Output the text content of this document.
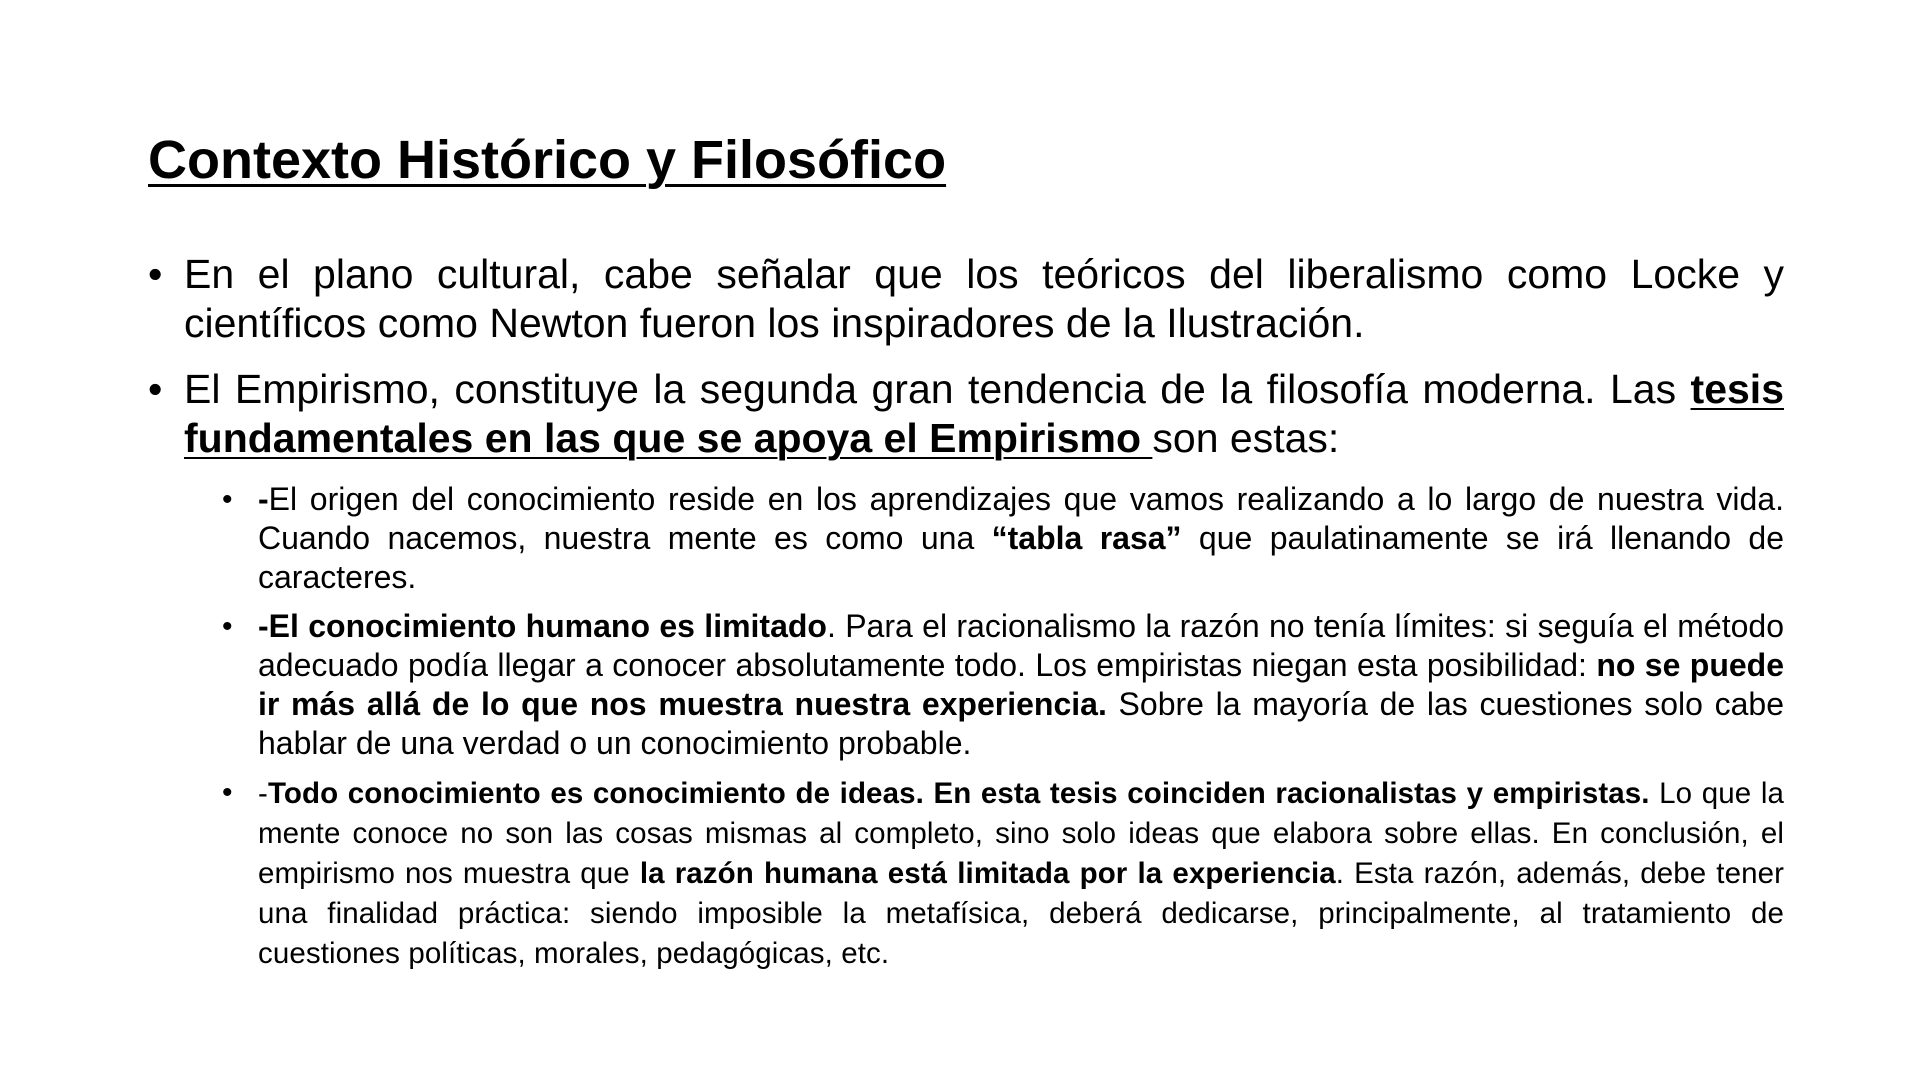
Contexto Histórico y Filosófico
• En el plano cultural, cabe señalar que los teóricos del liberalismo como Locke y científicos como Newton fueron los inspiradores de la Ilustración.
• El Empirismo, constituye la segunda gran tendencia de la filosofía moderna. Las tesis fundamentales en las que se apoya el Empirismo son estas:
• -El origen del conocimiento reside en los aprendizajes que vamos realizando a lo largo de nuestra vida. Cuando nacemos, nuestra mente es como una “tabla rasa” que paulatinamente se irá llenando de caracteres.
• -El conocimiento humano es limitado. Para el racionalismo la razón no tenía límites: si seguía el método adecuado podía llegar a conocer absolutamente todo. Los empiristas niegan esta posibilidad: no se puede ir más allá de lo que nos muestra nuestra experiencia. Sobre la mayoría de las cuestiones solo cabe hablar de una verdad o un conocimiento probable.
• -Todo conocimiento es conocimiento de ideas. En esta tesis coinciden racionalistas y empiristas. Lo que la mente conoce no son las cosas mismas al completo, sino solo ideas que elabora sobre ellas. En conclusión, el empirismo nos muestra que la razón humana está limitada por la experiencia. Esta razón, además, debe tener una finalidad práctica: siendo imposible la metafísica, deberá dedicarse, principalmente, al tratamiento de cuestiones políticas, morales, pedagógicas, etc.
